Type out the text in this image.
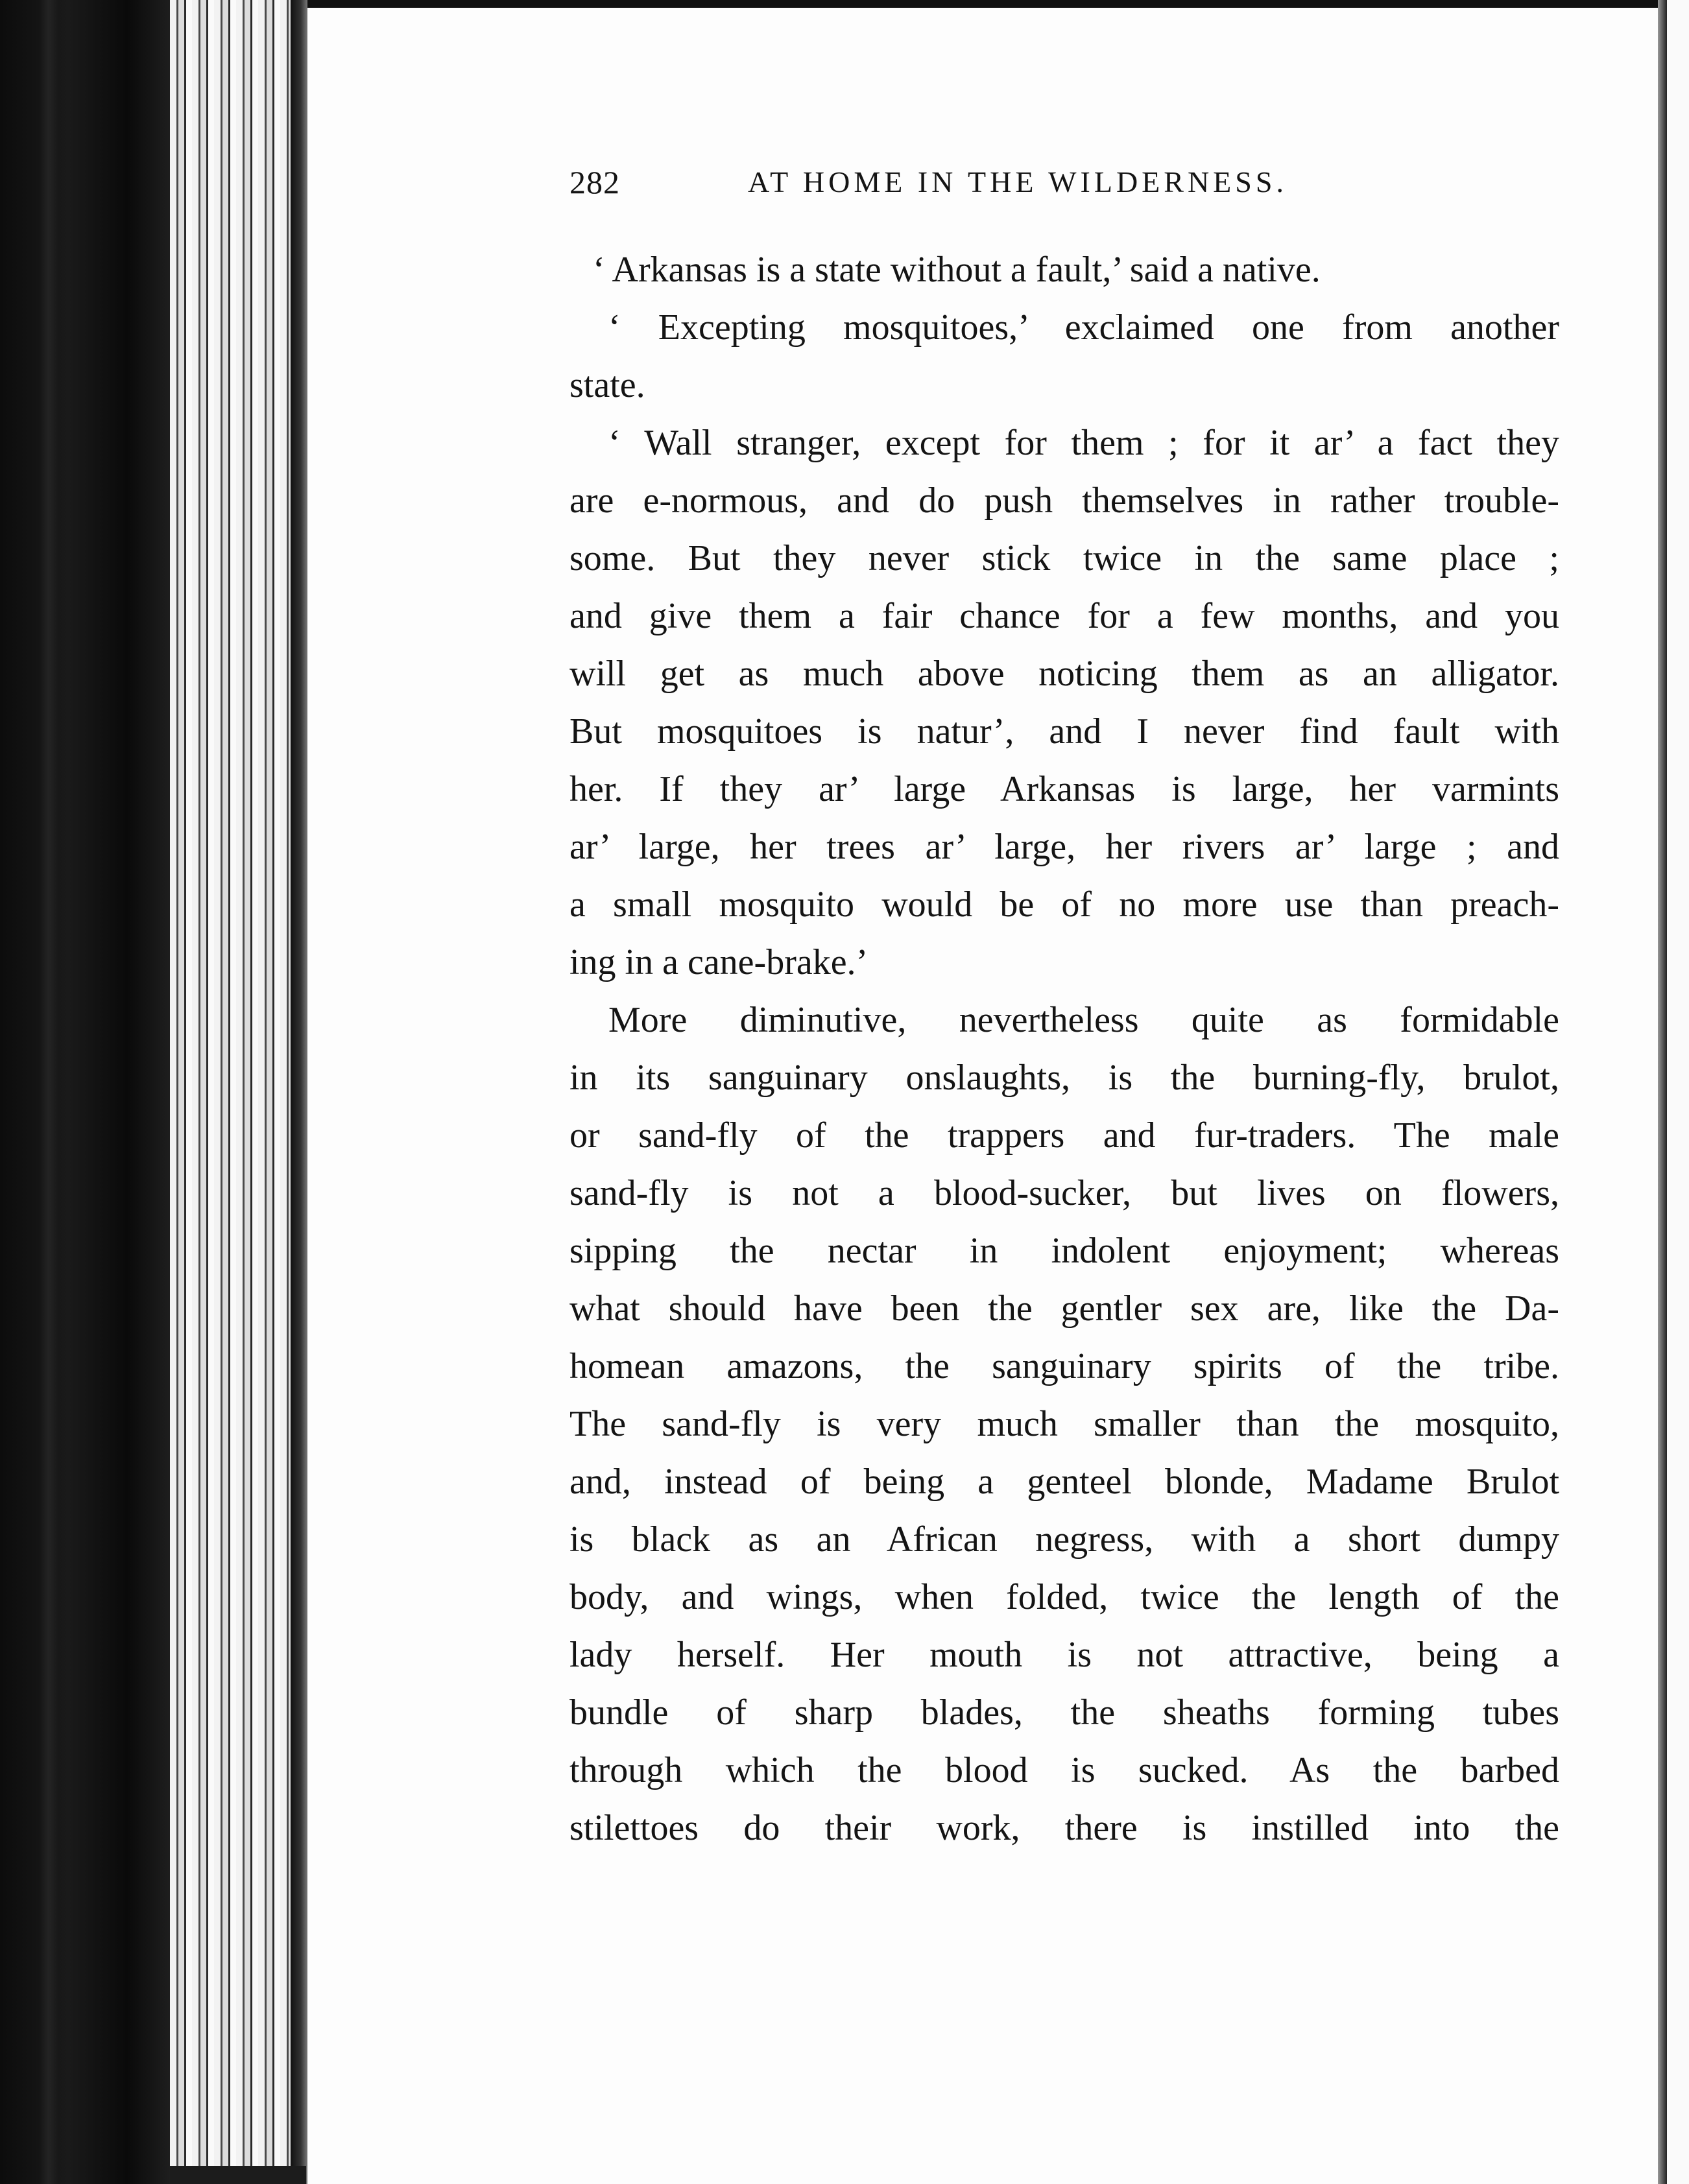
282	AT HOME IN THE WILDERNESS.
‘ Arkansas is a state without a fault,’ said a native.
‘ Excepting mosquitoes,’ exclaimed one from another
state.
‘ Wall stranger, except for them ; for it ar’ a fact they
are e-normous, and do push themselves in rather trouble-
some. But they never stick twice in the same place ;
and give them a fair chance for a few months, and you
will get as much above noticing them as an alligator.
But mosquitoes is natur’, and I never find fault with
her. If they ar’ large Arkansas is large, her varmints
ar’ large, her trees ar’ large, her rivers ar’ large ; and
a small mosquito would be of no more use than preach-
ing in a cane-brake.’
More diminutive, nevertheless quite as formidable
in its sanguinary onslaughts, is the burning-fly, brulot,
or sand-fly of the trappers and fur-traders. The male
sand-fly is not a blood-sucker, but lives on flowers,
sipping the nectar in indolent enjoyment; whereas
what should have been the gentler sex are, like the Da-
homean amazons, the sanguinary spirits of the tribe.
The sand-fly is very much smaller than the mosquito,
and, instead of being a genteel blonde, Madame Brulot
is black as an African negress, with a short dumpy
body, and wings, when folded, twice the length of the
lady herself. Her mouth is not attractive, being a
bundle of sharp blades, the sheaths forming tubes
through which the blood is sucked. As the barbed
stilettoes do their work, there is instilled into the
